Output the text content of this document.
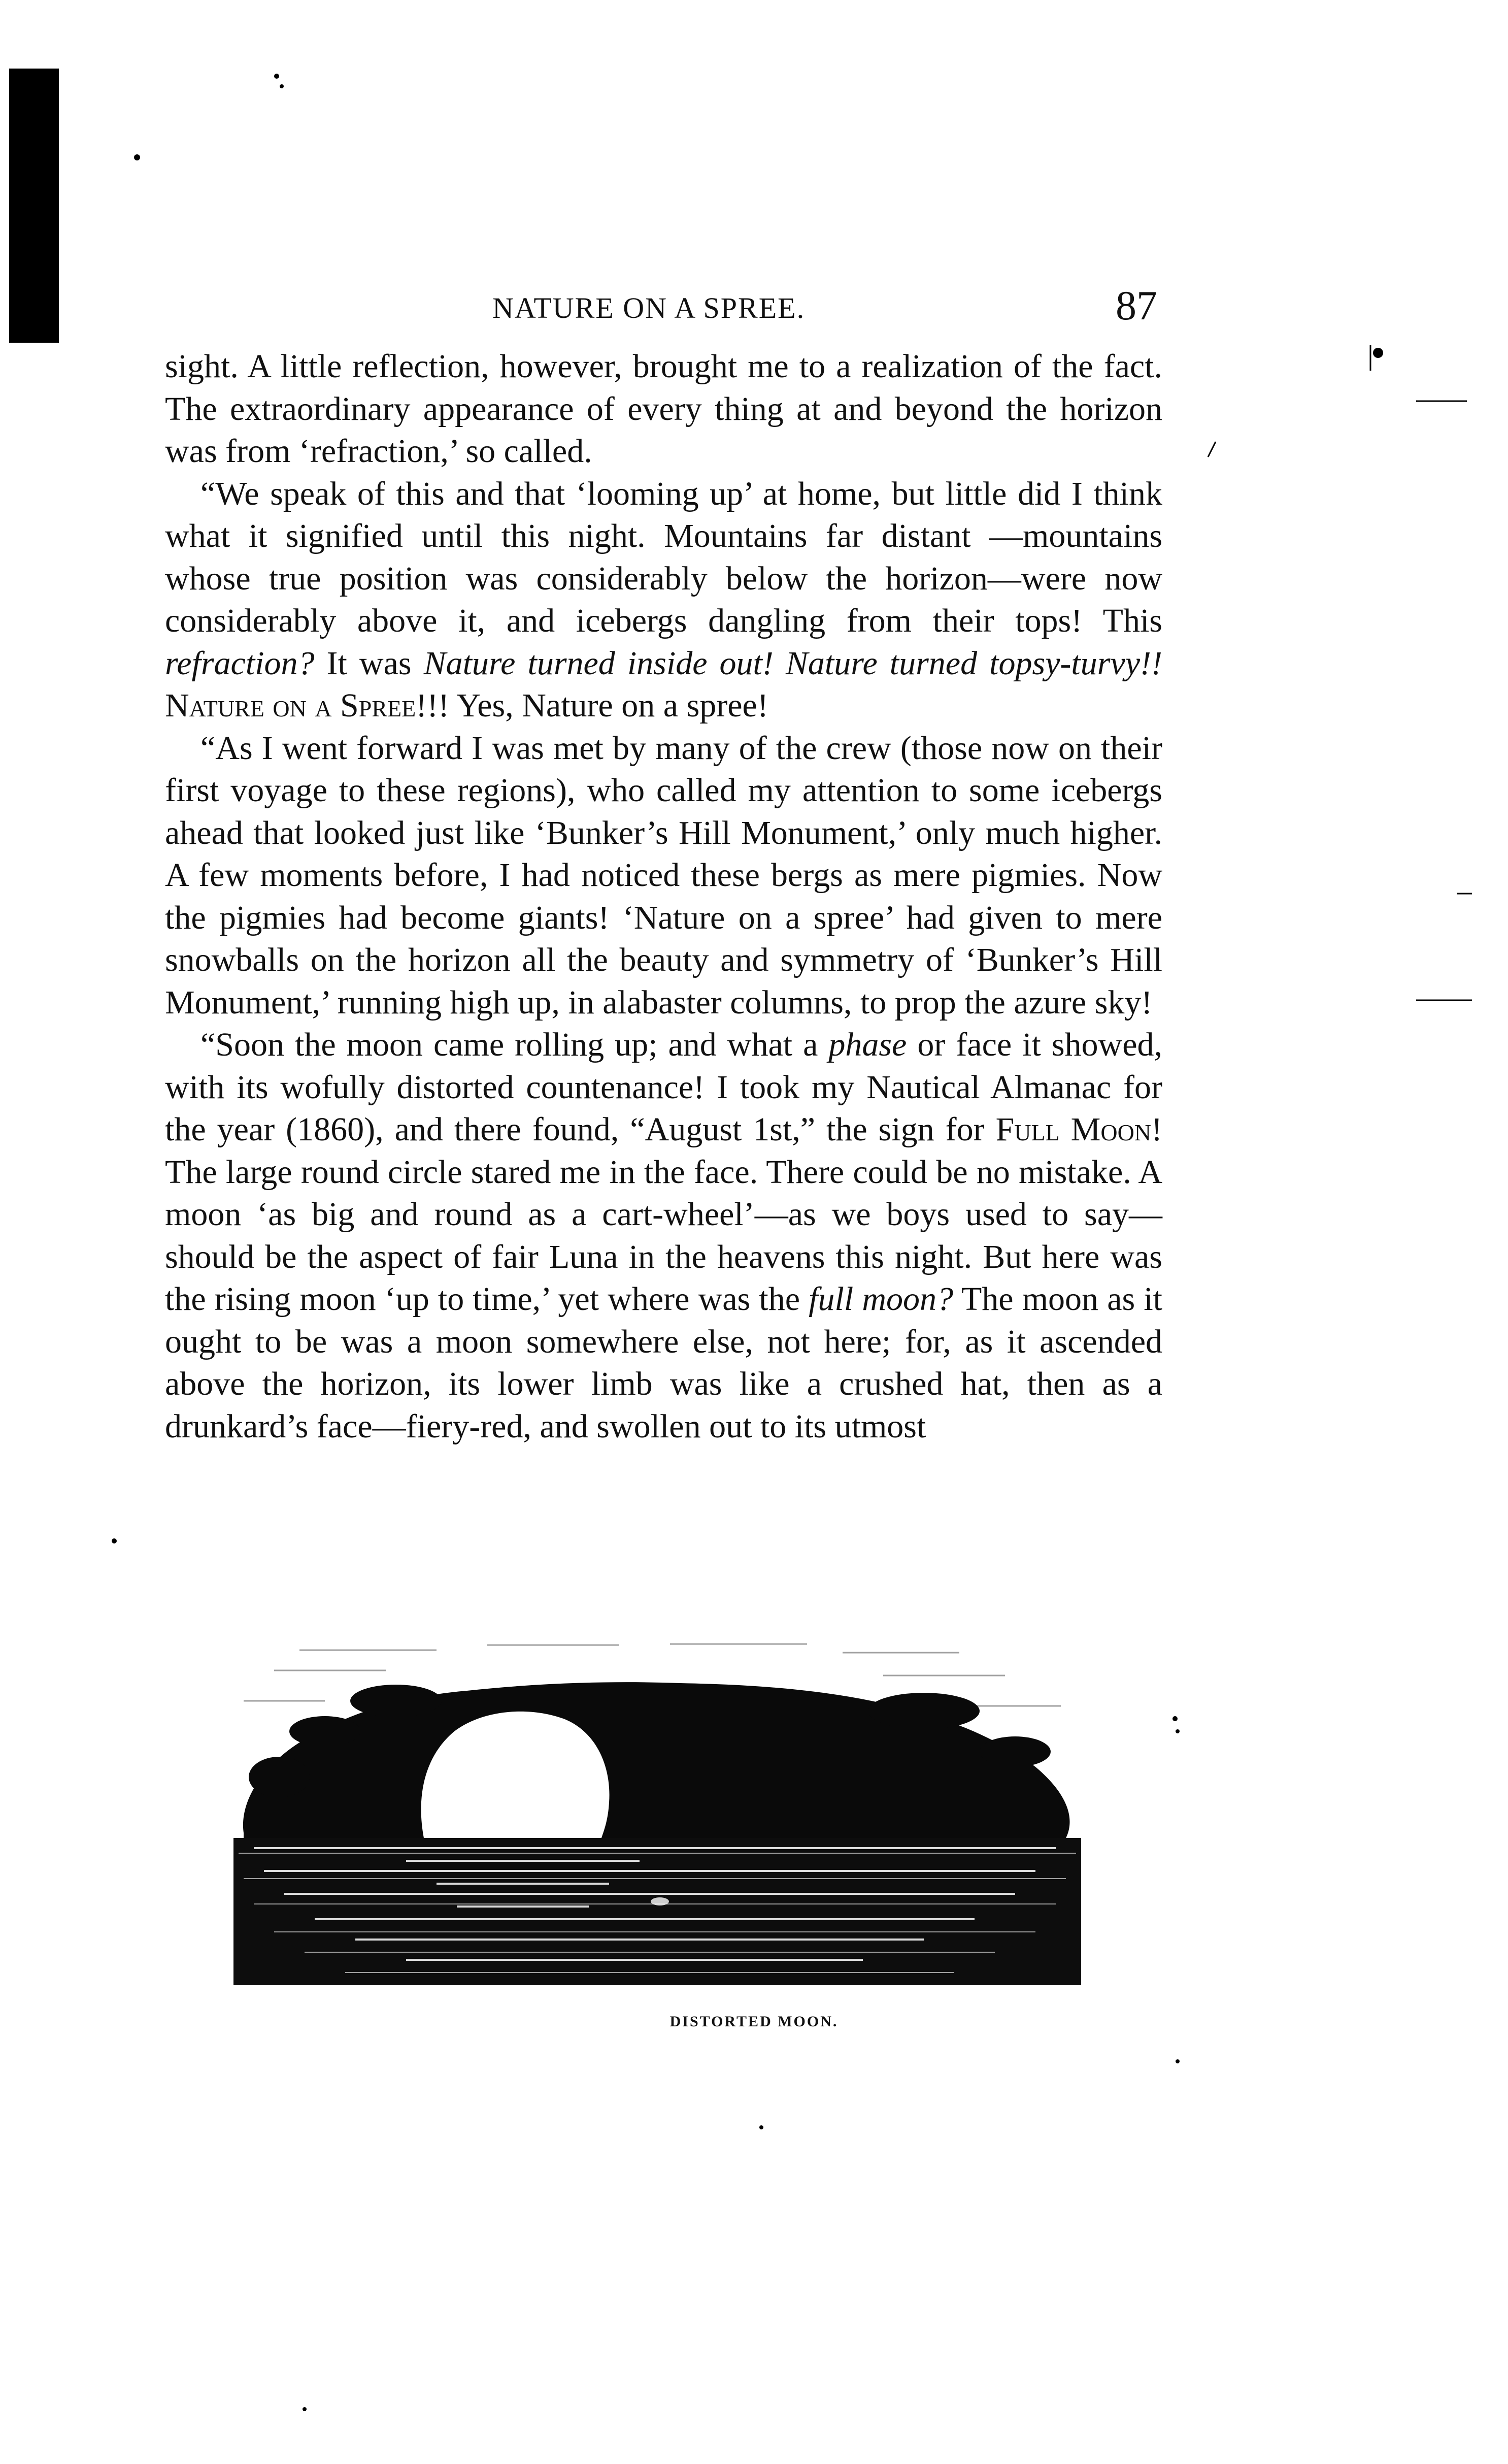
NATURE ON A SPREE.	87

sight. A little reflection, however, brought me to a realization of the fact. The extraordinary appearance of every thing at and beyond the horizon was from ‘refraction,’ so called.

“We speak of this and that ‘looming up’ at home, but little did I think what it signified until this night. Mountains far distant —mountains whose true position was considerably below the horizon—were now considerably above it, and icebergs dangling from their tops! This refraction? It was Nature turned inside out! Nature turned topsy-turvy!! Nature on a Spree!!! Yes, Nature on a spree!

“As I went forward I was met by many of the crew (those now on their first voyage to these regions), who called my attention to some icebergs ahead that looked just like ‘Bunker’s Hill Monument,’ only much higher. A few moments before, I had noticed these bergs as mere pigmies. Now the pigmies had become giants! ‘Nature on a spree’ had given to mere snowballs on the horizon all the beauty and symmetry of ‘Bunker’s Hill Monument,’ running high up, in alabaster columns, to prop the azure sky!

“Soon the moon came rolling up; and what a phase or face it showed, with its wofully distorted countenance! I took my Nautical Almanac for the year (1860), and there found, “August 1st,” the sign for Full Moon! The large round circle stared me in the face. There could be no mistake. A moon ‘as big and round as a cart-wheel’—as we boys used to say—should be the aspect of fair Luna in the heavens this night. But here was the rising moon ‘up to time,’ yet where was the full moon? The moon as it ought to be was a moon somewhere else, not here; for, as it ascended above the horizon, its lower limb was like a crushed hat, then as a drunkard’s face—fiery-red, and swollen out to its utmost

DISTORTED MOON.
